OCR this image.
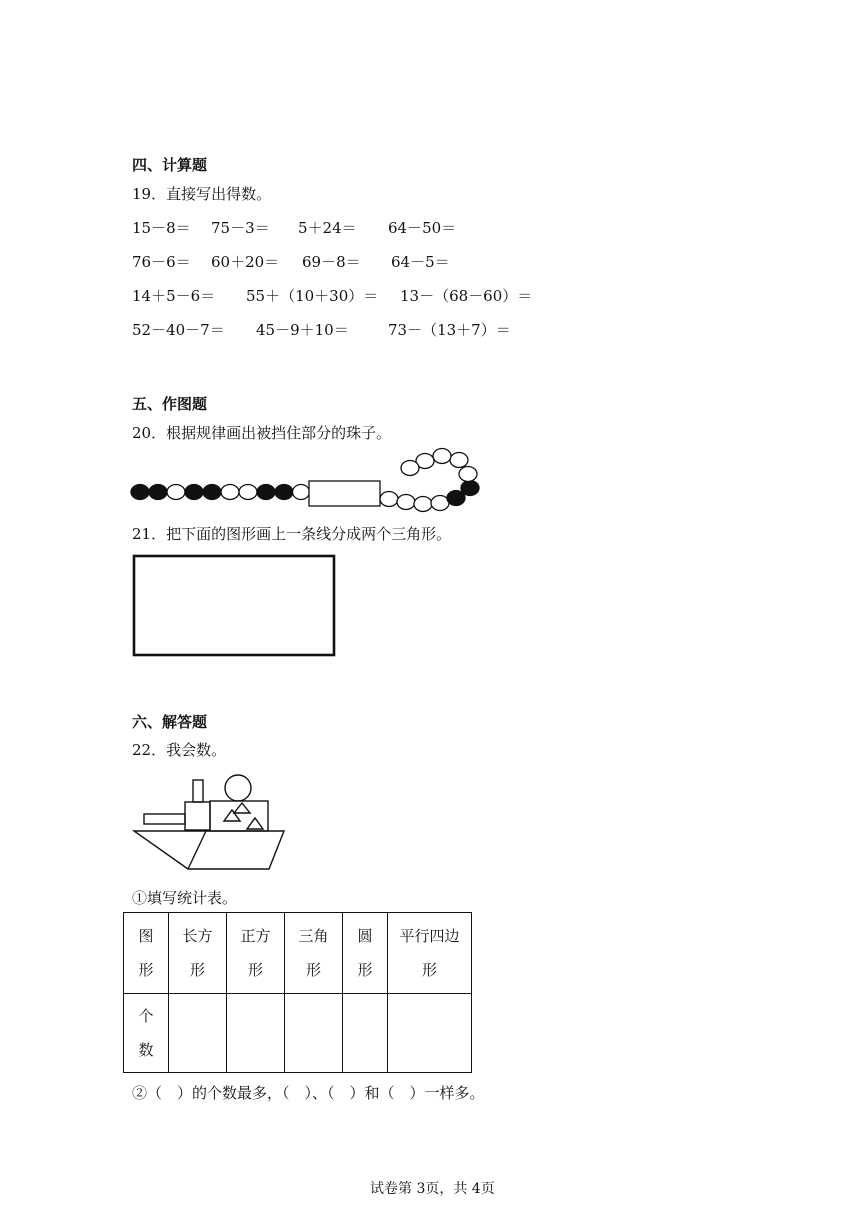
四、计算题
19．直接写出得数。
15－8＝ 75－3＝ 5＋24＝ 64－50＝
76－6＝ 60＋20＝ 69－8＝ 64－5＝
14＋5－6＝ 55＋（10＋30）＝ 13－（68－60）＝
52－40－7＝ 45－9＋10＝	73－（13＋7）＝
五、作图题
20．根据规律画出被挡住部分的珠子。
21．把下面的图形画上一条线分成两个三角形。
六、解答题
22．我会数。
①填写统计表。
图形	长方形	正方形	三角形	圆形	平行四边形
个数					
②（　）的个数最多，（　）、（　）和（　）一样多。
试卷第 3页，共 4页
